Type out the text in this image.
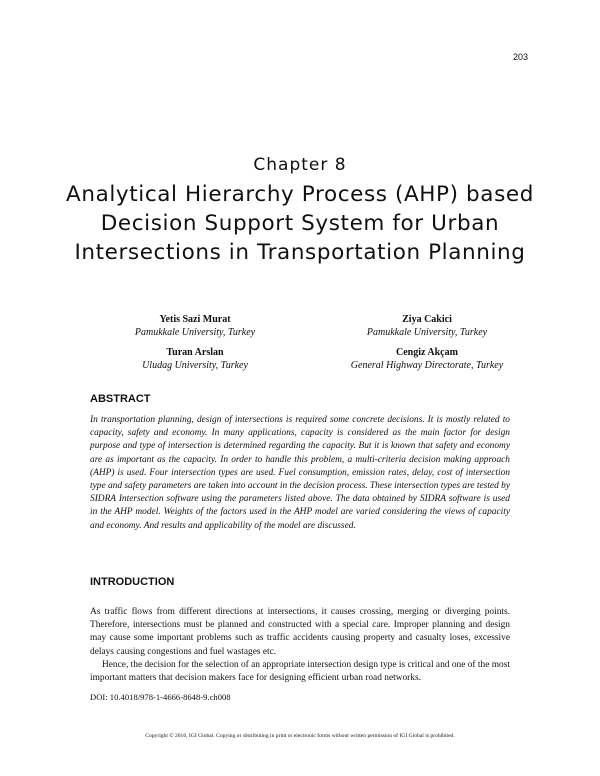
203
Chapter 8
Analytical Hierarchy Process (AHP) based Decision Support System for Urban Intersections in Transportation Planning
Yetis Sazi Murat
Pamukkale University, Turkey
Ziya Cakici
Pamukkale University, Turkey
Turan Arslan
Uludag University, Turkey
Cengiz Akçam
General Highway Directorate, Turkey
ABSTRACT

In transportation planning, design of intersections is required some concrete decisions. It is mostly related to capacity, safety and economy. In many applications, capacity is considered as the main factor for design purpose and type of intersection is determined regarding the capacity. But it is known that safety and economy are as important as the capacity. In order to handle this problem, a multi-criteria decision making approach (AHP) is used. Four intersection types are used. Fuel consumption, emission rates, delay, cost of intersection type and safety parameters are taken into account in the decision process. These intersection types are tested by SIDRA Intersection software using the parameters listed above. The data obtained by SIDRA software is used in the AHP model. Weights of the factors used in the AHP model are varied considering the views of capacity and economy. And results and applicability of the model are discussed.

INTRODUCTION

As traffic flows from different directions at intersections, it causes crossing, merging or diverging points. Therefore, intersections must be planned and constructed with a special care. Improper planning and design may cause some important problems such as traffic accidents causing property and casualty loses, excessive delays causing congestions and fuel wastages etc.

Hence, the decision for the selection of an appropriate intersection design type is critical and one of the most important matters that decision makers face for designing efficient urban road networks.

DOI: 10.4018/978-1-4666-8648-9.ch008
Copyright © 2016, IGI Global. Copying or distributing in print or electronic forms without written permission of IGI Global is prohibited.
